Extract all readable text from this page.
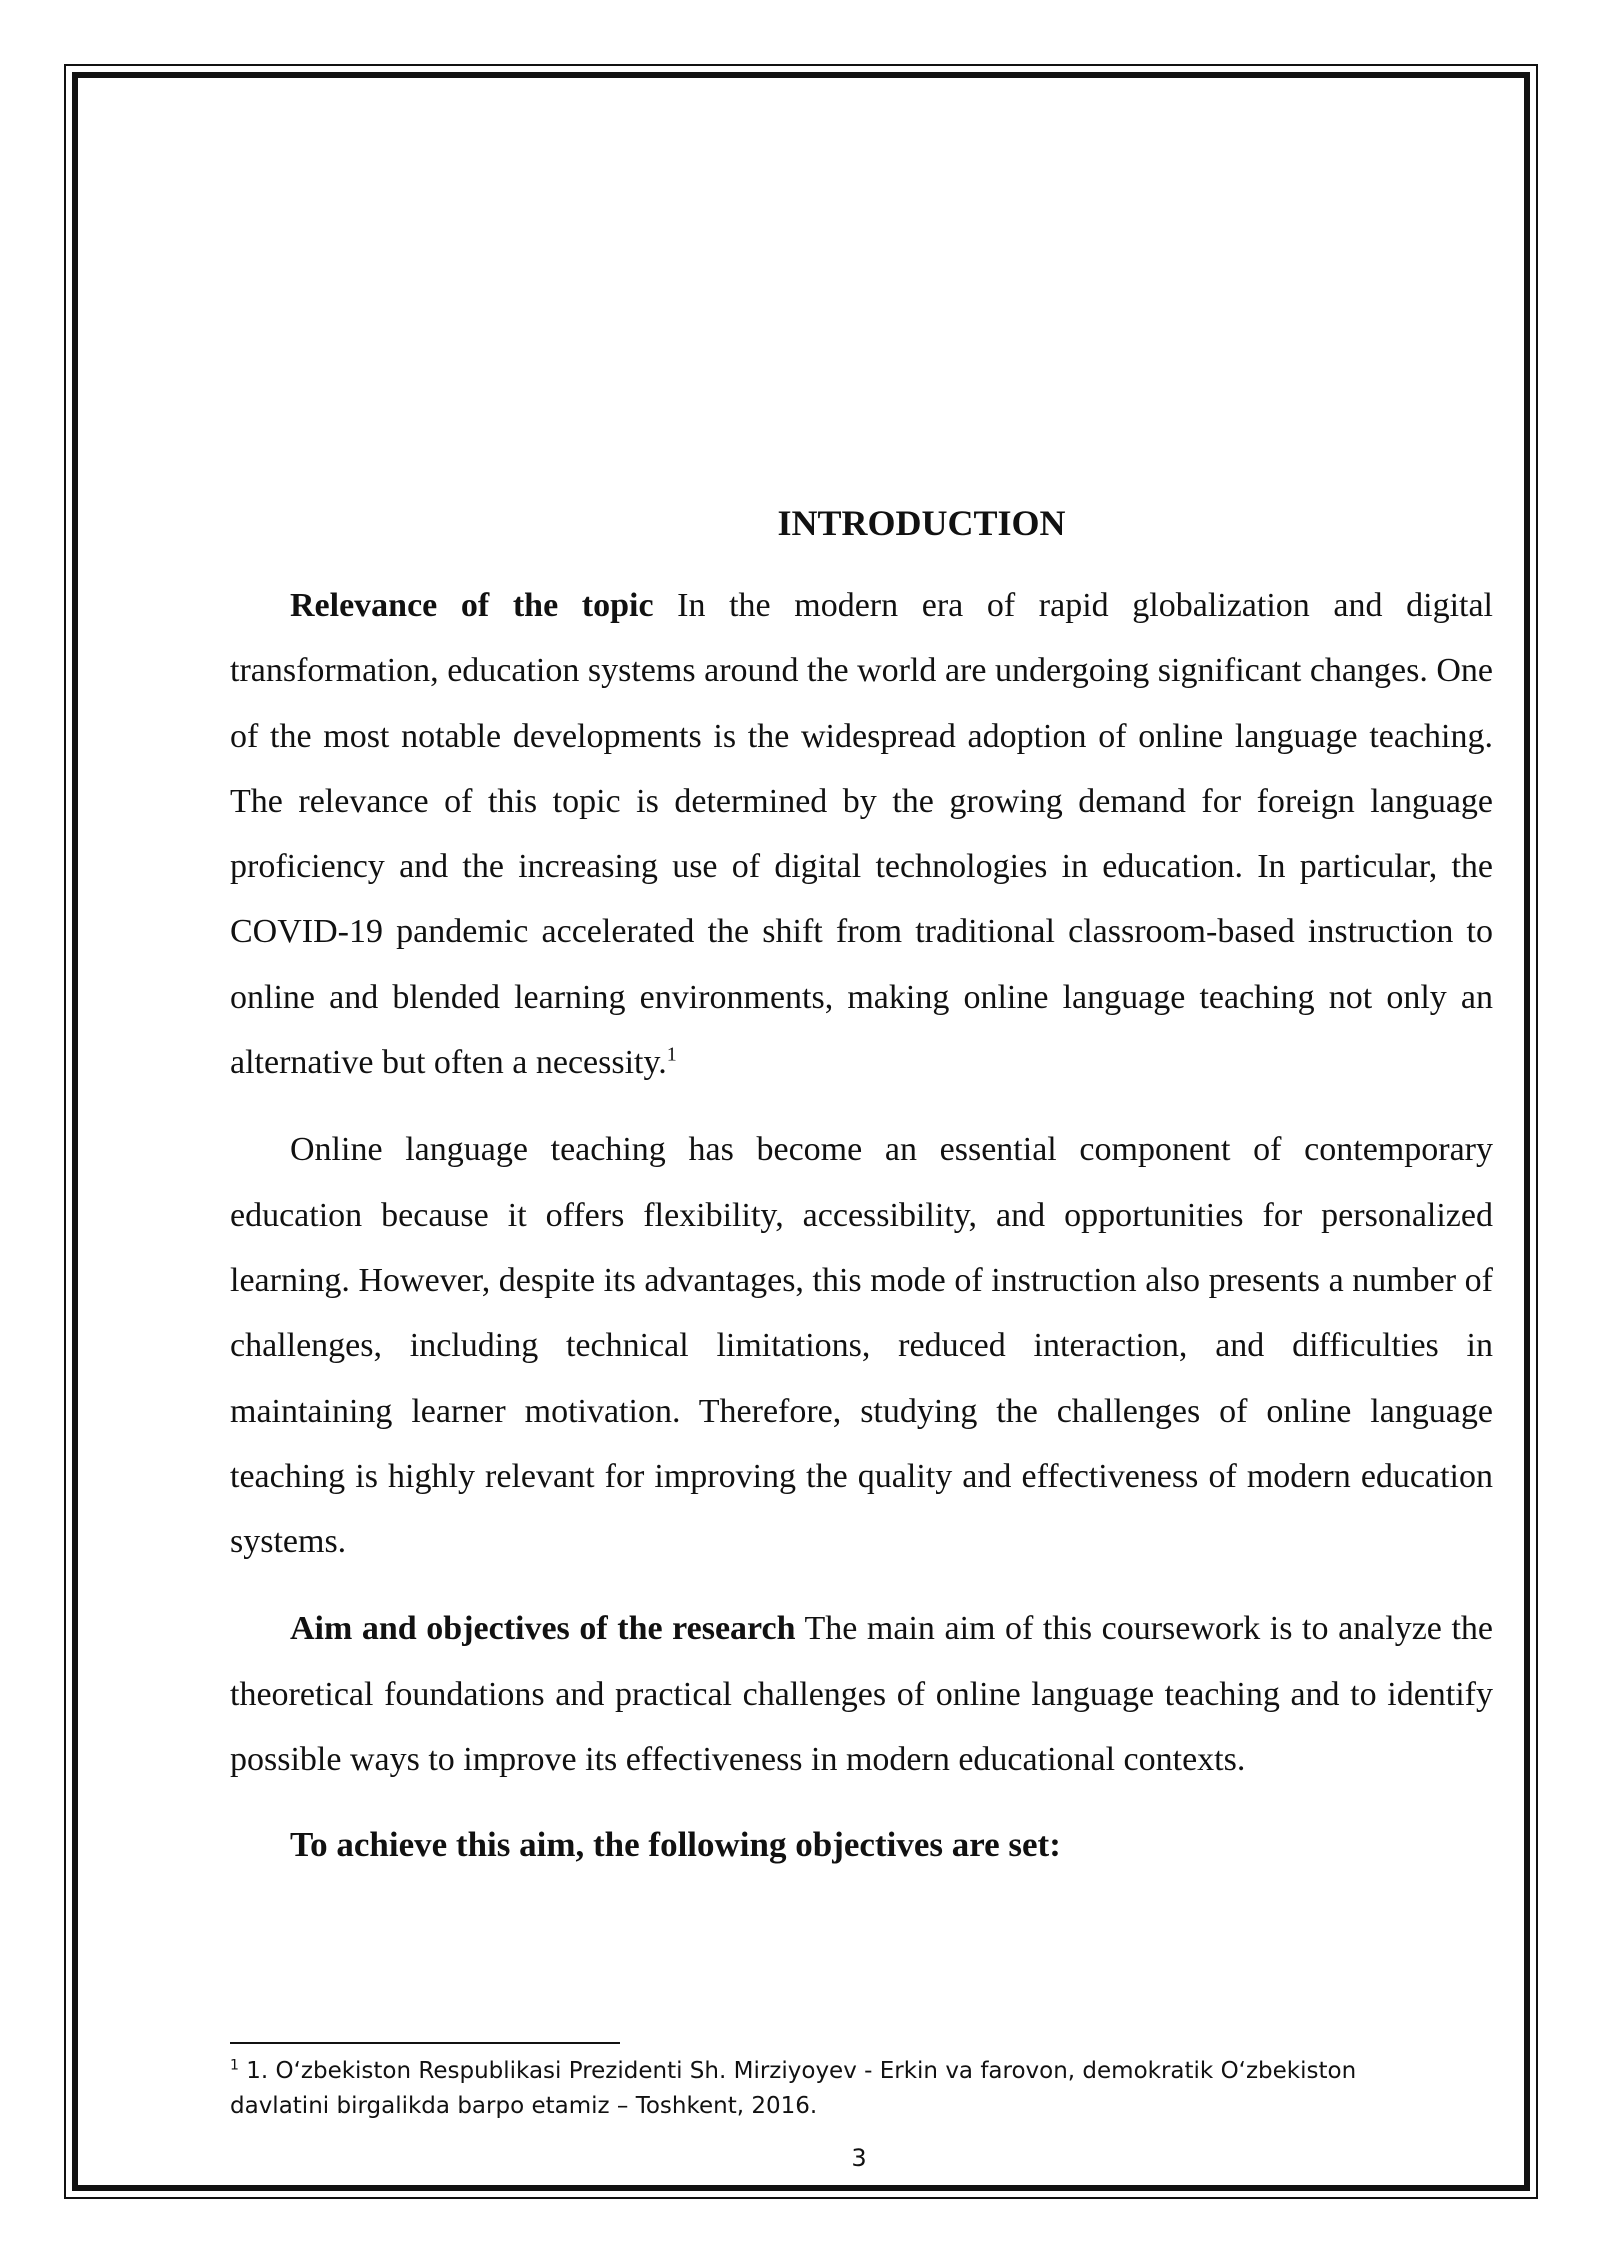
INTRODUCTION

Relevance of the topic In the modern era of rapid globalization and digital transformation, education systems around the world are undergoing significant changes. One of the most notable developments is the widespread adoption of online language teaching. The relevance of this topic is determined by the growing demand for foreign language proficiency and the increasing use of digital technologies in education. In particular, the COVID-19 pandemic accelerated the shift from traditional classroom-based instruction to online and blended learning environments, making online language teaching not only an alternative but often a necessity.$^1$

Online language teaching has become an essential component of contemporary education because it offers flexibility, accessibility, and opportunities for personalized learning. However, despite its advantages, this mode of instruction also presents a number of challenges, including technical limitations, reduced interaction, and difficulties in maintaining learner motivation. Therefore, studying the challenges of online language teaching is highly relevant for improving the quality and effectiveness of modern education systems.

Aim and objectives of the research The main aim of this coursework is to analyze the theoretical foundations and practical challenges of online language teaching and to identify possible ways to improve its effectiveness in modern educational contexts.

To achieve this aim, the following objectives are set:
$^1$ 1. O‘zbekiston Respublikasi Prezidenti Sh. Mirziyoyev - Erkin va farovon, demokratik O‘zbekiston davlatini birgalikda barpo etamiz – Toshkent, 2016.
3
